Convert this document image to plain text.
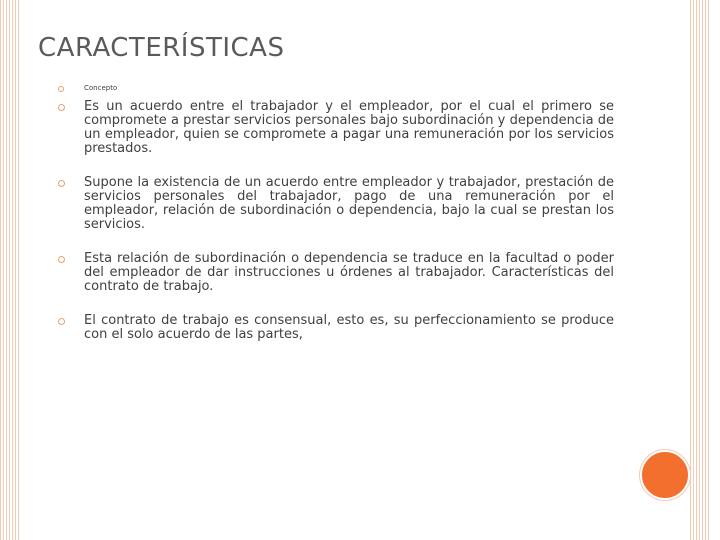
CARACTERÍSTICAS
Concepto
Es un acuerdo entre el trabajador y el empleador, por el cual el primero se compromete a prestar servicios personales bajo subordinación y dependencia de un empleador, quien se compromete a pagar una remuneración por los servicios prestados.
Supone la existencia de un acuerdo entre empleador y trabajador, prestación de servicios personales del trabajador, pago de una remuneración por el empleador, relación de subordinación o dependencia, bajo la cual se prestan los servicios.
Esta relación de subordinación o dependencia se traduce en la facultad o poder del empleador de dar instrucciones u órdenes al trabajador. Características del contrato de trabajo.
El contrato de trabajo es consensual, esto es, su perfeccionamiento se produce con el solo acuerdo de las partes,
